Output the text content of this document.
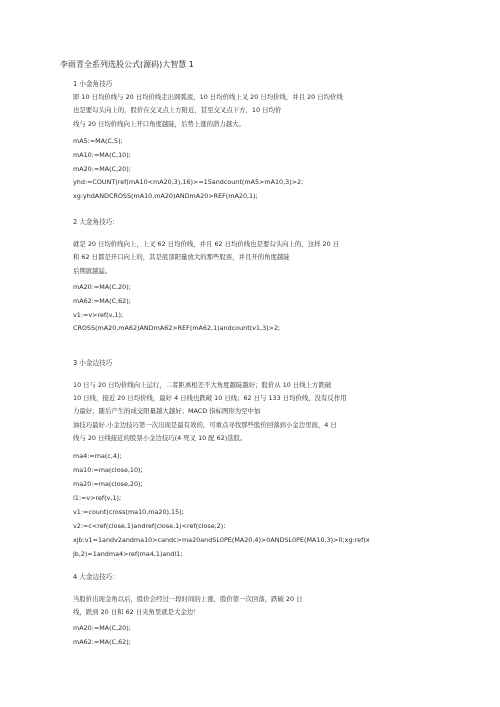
李雨青全系列选股公式(源码)大智慧 1
1 小金角技巧
即 10 日均价线与 20 日均价线走出圆弧底，10 日均价线上叉 20 日均价线，并且 20 日均价线
也是要勾头向上的，股价在交叉点上方附近，甚至交叉点下方，10 日均价
线与 20 日均价线向上开口角度越陡，后势上涨的潜力越大。
mA5:=MA(C,5);
mA10:=MA(C,10);
mA20:=MA(C,20);
yhd:=COUNT(ref(mA10<mA20,3),16)>=15andcount(mA5>mA10,3)>2;
xg:yhdANDCROSS(mA10,mA20)ANDmA20>REF(mA20,1);
2 大金角技巧：
就是 20 日均价线向上，上叉 62 日均价线，并且 62 日均价线也是要勾头向上的，这样 20 日
和 62 日都是开口向上的，其是底部阳量放大的那些股票，并且开的角度越陡
后期就越猛。
mA20:=MA(C,20);
mA62:=MA(C,62);
v1:=v>ref(v,1);
CROSS(mA20,mA62)ANDmA62>REF(mA62,1)andcount(v1,3)>2;
3 小金边技巧
10 日与 20 日均价线向上运行，二者距离相差不大角度越陡越好；股价从 10 日线上方跌破
10 日线，接近 20 日均价线，最好 4 日线也跌破 10 日线；62 日与 133 日均价线，没有反作用
力最好；随后产生的成交阳量越大越好；MACD 指标图形为空中加
油技巧最好.小金边技巧第一次出现是最有效的，可重点寻找那些股价回落到小金边里面，4 日
线与 20 日线接近的股票小金边技巧(4 死叉 10 配 62)选股。
ma4:=ma(c,4);
ma10:=ma(close,10);
ma20:=ma(close,20);
l1:=v>ref(v,1);
v1:=count(cross(ma10,ma20),15);
v2:=c<ref(close,1)andref(close,1)<ref(close,2);
xjb:v1=1andv2andma10>candc>ma20andSL0PE(MA20,4)>0ANDSL0PE(MA10,3)>0;xg:ref(x
jb,2)=1andma4>ref(ma4,1)andl1;
4 大金边技巧：
当股价出现金角以后，股价会经过一段时间的上涨，股价第一次回落，跌破 20 日
线，跌到 20 日和 62 日夹角里就是大金边！
mA20:=MA(C,20);
mA62:=MA(C,62);
